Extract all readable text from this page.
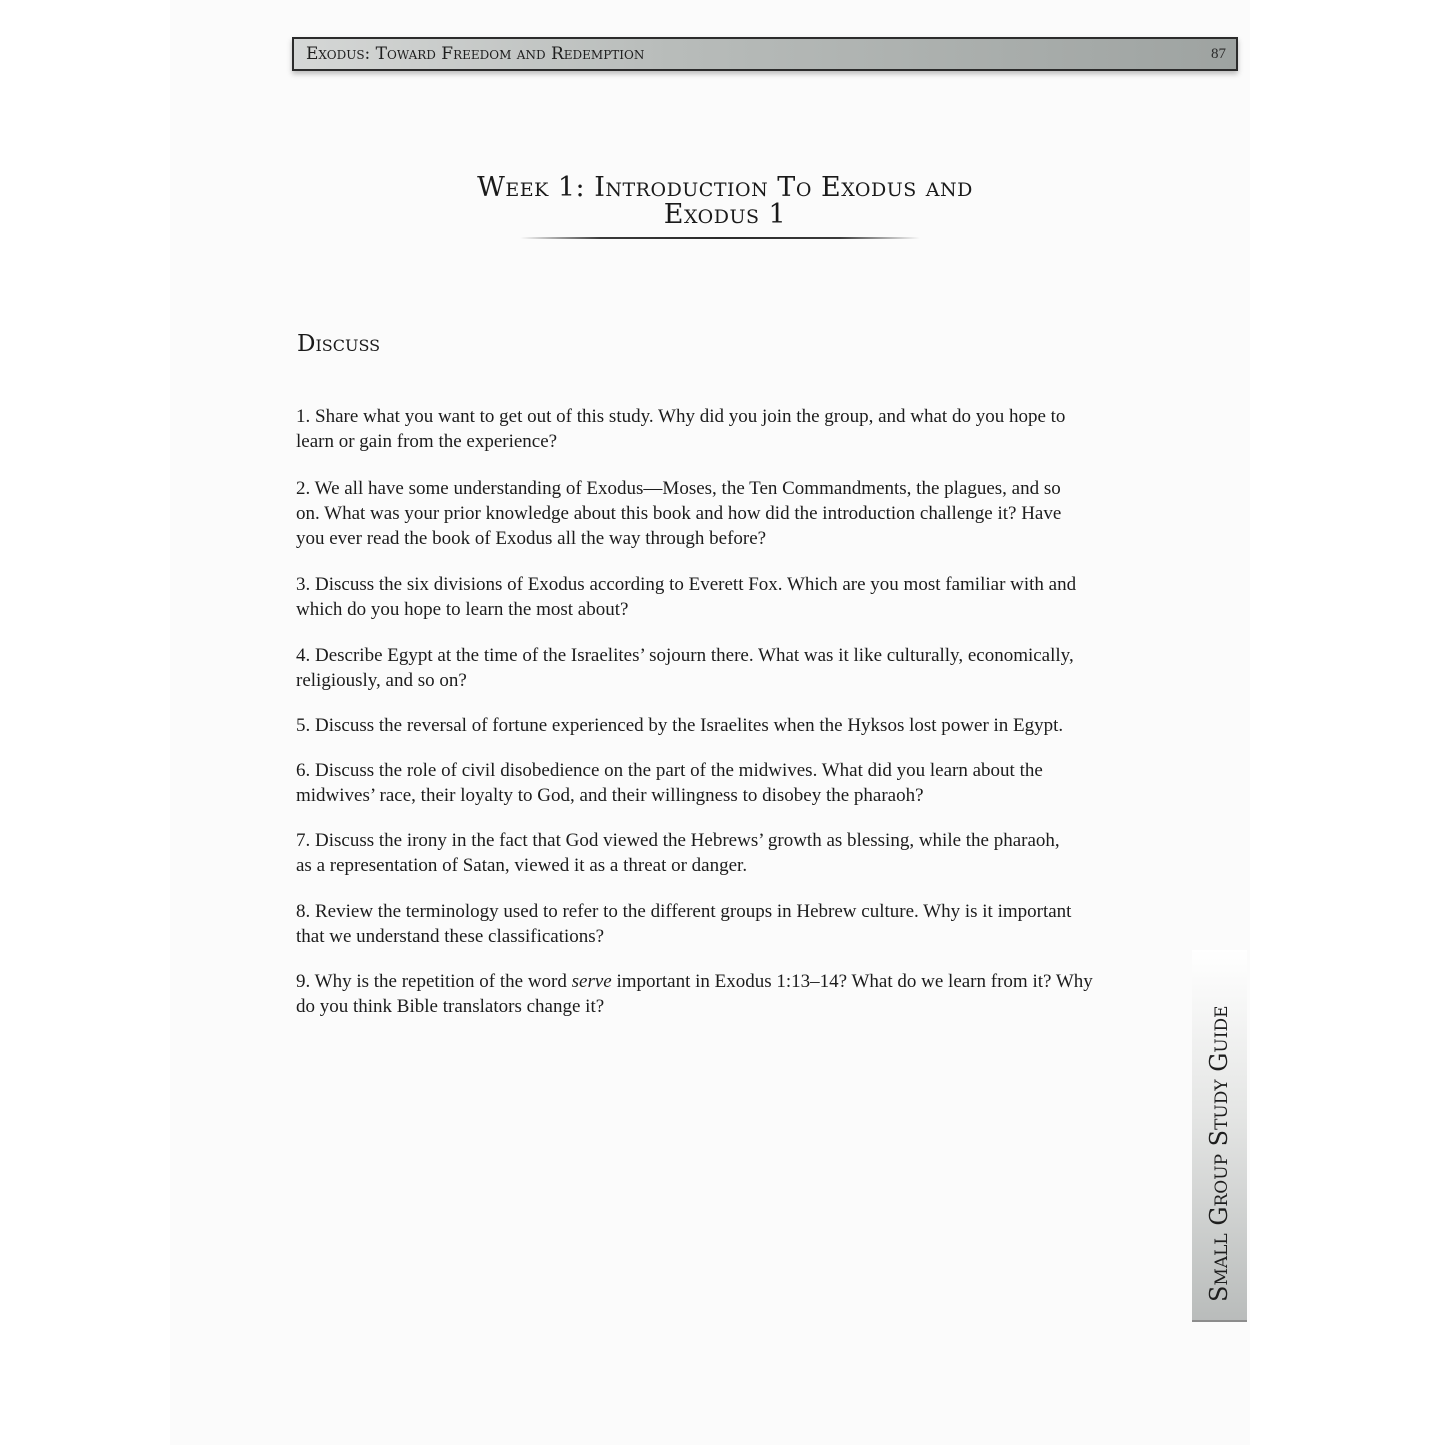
Exodus: Toward Freedom and Redemption	87
Week 1: Introduction To Exodus and
Exodus 1
Discuss
1. Share what you want to get out of this study. Why did you join the group, and what do you hope to
learn or gain from the experience?
2. We all have some understanding of Exodus—Moses, the Ten Commandments, the plagues, and so
on. What was your prior knowledge about this book and how did the introduction challenge it? Have
you ever read the book of Exodus all the way through before?
3. Discuss the six divisions of Exodus according to Everett Fox. Which are you most familiar with and
which do you hope to learn the most about?
4. Describe Egypt at the time of the Israelites’ sojourn there. What was it like culturally, economically,
religiously, and so on?
5. Discuss the reversal of fortune experienced by the Israelites when the Hyksos lost power in Egypt.
6. Discuss the role of civil disobedience on the part of the midwives. What did you learn about the
midwives’ race, their loyalty to God, and their willingness to disobey the pharaoh?
7. Discuss the irony in the fact that God viewed the Hebrews’ growth as blessing, while the pharaoh,
as a representation of Satan, viewed it as a threat or danger.
8. Review the terminology used to refer to the different groups in Hebrew culture. Why is it important
that we understand these classifications?
9. Why is the repetition of the word serve important in Exodus 1:13–14? What do we learn from it? Why
do you think Bible translators change it?	Small Group Study Guide
